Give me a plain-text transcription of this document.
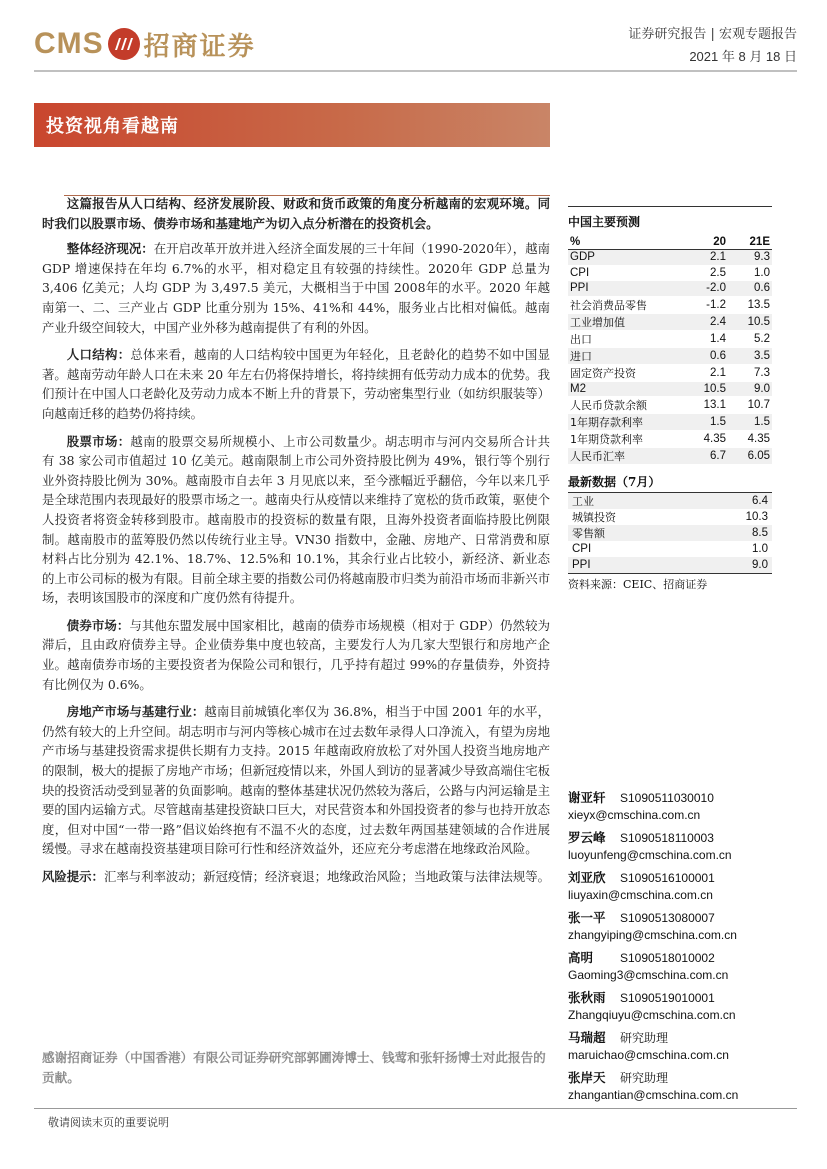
CMS 招商证券	证券研究报告 | 宏观专题报告
2021 年 8 月 18 日
投资视角看越南

这篇报告从人口结构、经济发展阶段、财政和货币政策的角度分析越南的宏观环境。同时我们以股票市场、债券市场和基建地产为切入点分析潜在的投资机会。

整体经济现况：在开启改革开放并进入经济全面发展的三十年间（1990-2020年），越南 GDP 增速保持在年均 6.7%的水平，相对稳定且有较强的持续性。2020年 GDP 总量为 3,406 亿美元；人均 GDP 为 3,497.5 美元，大概相当于中国 2008年的水平。2020 年越南第一、二、三产业占 GDP 比重分别为 15%、41%和 44%，服务业占比相对偏低。越南产业升级空间较大，中国产业外移为越南提供了有利的外因。

人口结构：总体来看，越南的人口结构较中国更为年轻化，且老龄化的趋势不如中国显著。越南劳动年龄人口在未来 20 年左右仍将保持增长，将持续拥有低劳动力成本的优势。我们预计在中国人口老龄化及劳动力成本不断上升的背景下，劳动密集型行业（如纺织服装等）向越南迁移的趋势仍将持续。

股票市场：越南的股票交易所规模小、上市公司数量少。胡志明市与河内交易所合计共有 38 家公司市值超过 10 亿美元。越南限制上市公司外资持股比例为 49%，银行等个别行业外资持股比例为 30%。越南股市自去年 3 月见底以来，至今涨幅近乎翻倍，今年以来几乎是全球范围内表现最好的股票市场之一。越南央行从疫情以来维持了宽松的货币政策，驱使个人投资者将资金转移到股市。越南股市的投资标的数量有限，且海外投资者面临持股比例限制。越南股市的蓝筹股仍然以传统行业主导。VN30 指数中，金融、房地产、日常消费和原材料占比分别为 42.1%、18.7%、12.5%和 10.1%，其余行业占比较小，新经济、新业态的上市公司标的极为有限。目前全球主要的指数公司仍将越南股市归类为前沿市场而非新兴市场，表明该国股市的深度和广度仍然有待提升。

债券市场：与其他东盟发展中国家相比，越南的债券市场规模（相对于 GDP）仍然较为滞后，且由政府债券主导。企业债券集中度也较高，主要发行人为几家大型银行和房地产企业。越南债券市场的主要投资者为保险公司和银行，几乎持有超过 99%的存量债券，外资持有比例仅为 0.6%。

房地产市场与基建行业：越南目前城镇化率仅为 36.8%，相当于中国 2001 年的水平，仍然有较大的上升空间。胡志明市与河内等核心城市在过去数年录得人口净流入，有望为房地产市场与基建投资需求提供长期有力支持。2015 年越南政府放松了对外国人投资当地房地产的限制，极大的提振了房地产市场；但新冠疫情以来，外国人到访的显著减少导致高端住宅板块的投资活动受到显著的负面影响。越南的整体基建状况仍然较为落后，公路与内河运输是主要的国内运输方式。尽管越南基建投资缺口巨大，对民营资本和外国投资者的参与也持开放态度，但对中国“一带一路”倡议始终抱有不温不火的态度，过去数年两国基建领域的合作进展缓慢。寻求在越南投资基建项目除可行性和经济效益外，还应充分考虑潜在地缘政治风险。

风险提示：汇率与利率波动；新冠疫情；经济衰退；地缘政治风险；当地政策与法律法规等。

感谢招商证券（中国香港）有限公司证券研究部郭圃涛博士、钱莺和张轩扬博士对此报告的贡献。

中国主要预测
%	20	21E
GDP	2.1	9.3
CPI	2.5	1.0
PPI	-2.0	0.6
社会消费品零售	-1.2	13.5
工业增加值	2.4	10.5
出口	1.4	5.2
进口	0.6	3.5
固定资产投资	2.1	7.3
M2	10.5	9.0
人民币贷款余额	13.1	10.7
1年期存款利率	1.5	1.5
1年期贷款利率	4.35	4.35
人民币汇率	6.7	6.05
最新数据（7月）
工业	6.4
城镇投资	10.3
零售额	8.5
CPI	1.0
PPI	9.0
资料来源：CEIC、招商证券
谢亚轩	S1090511030010
xieyx@cmschina.com.cn
罗云峰	S1090518110003
luoyunfeng@cmschina.com.cn
刘亚欣	S1090516100001
liuyaxin@cmschina.com.cn
张一平	S1090513080007
zhangyiping@cmschina.com.cn
高明	S1090518010002
Gaoming3@cmschina.com.cn
张秋雨	S1090519010001
Zhangqiuyu@cmschina.com.cn
马瑞超	研究助理
maruichao@cmschina.com.cn
张岸天	研究助理
zhangantian@cmschina.com.cn
敬请阅读末页的重要说明
